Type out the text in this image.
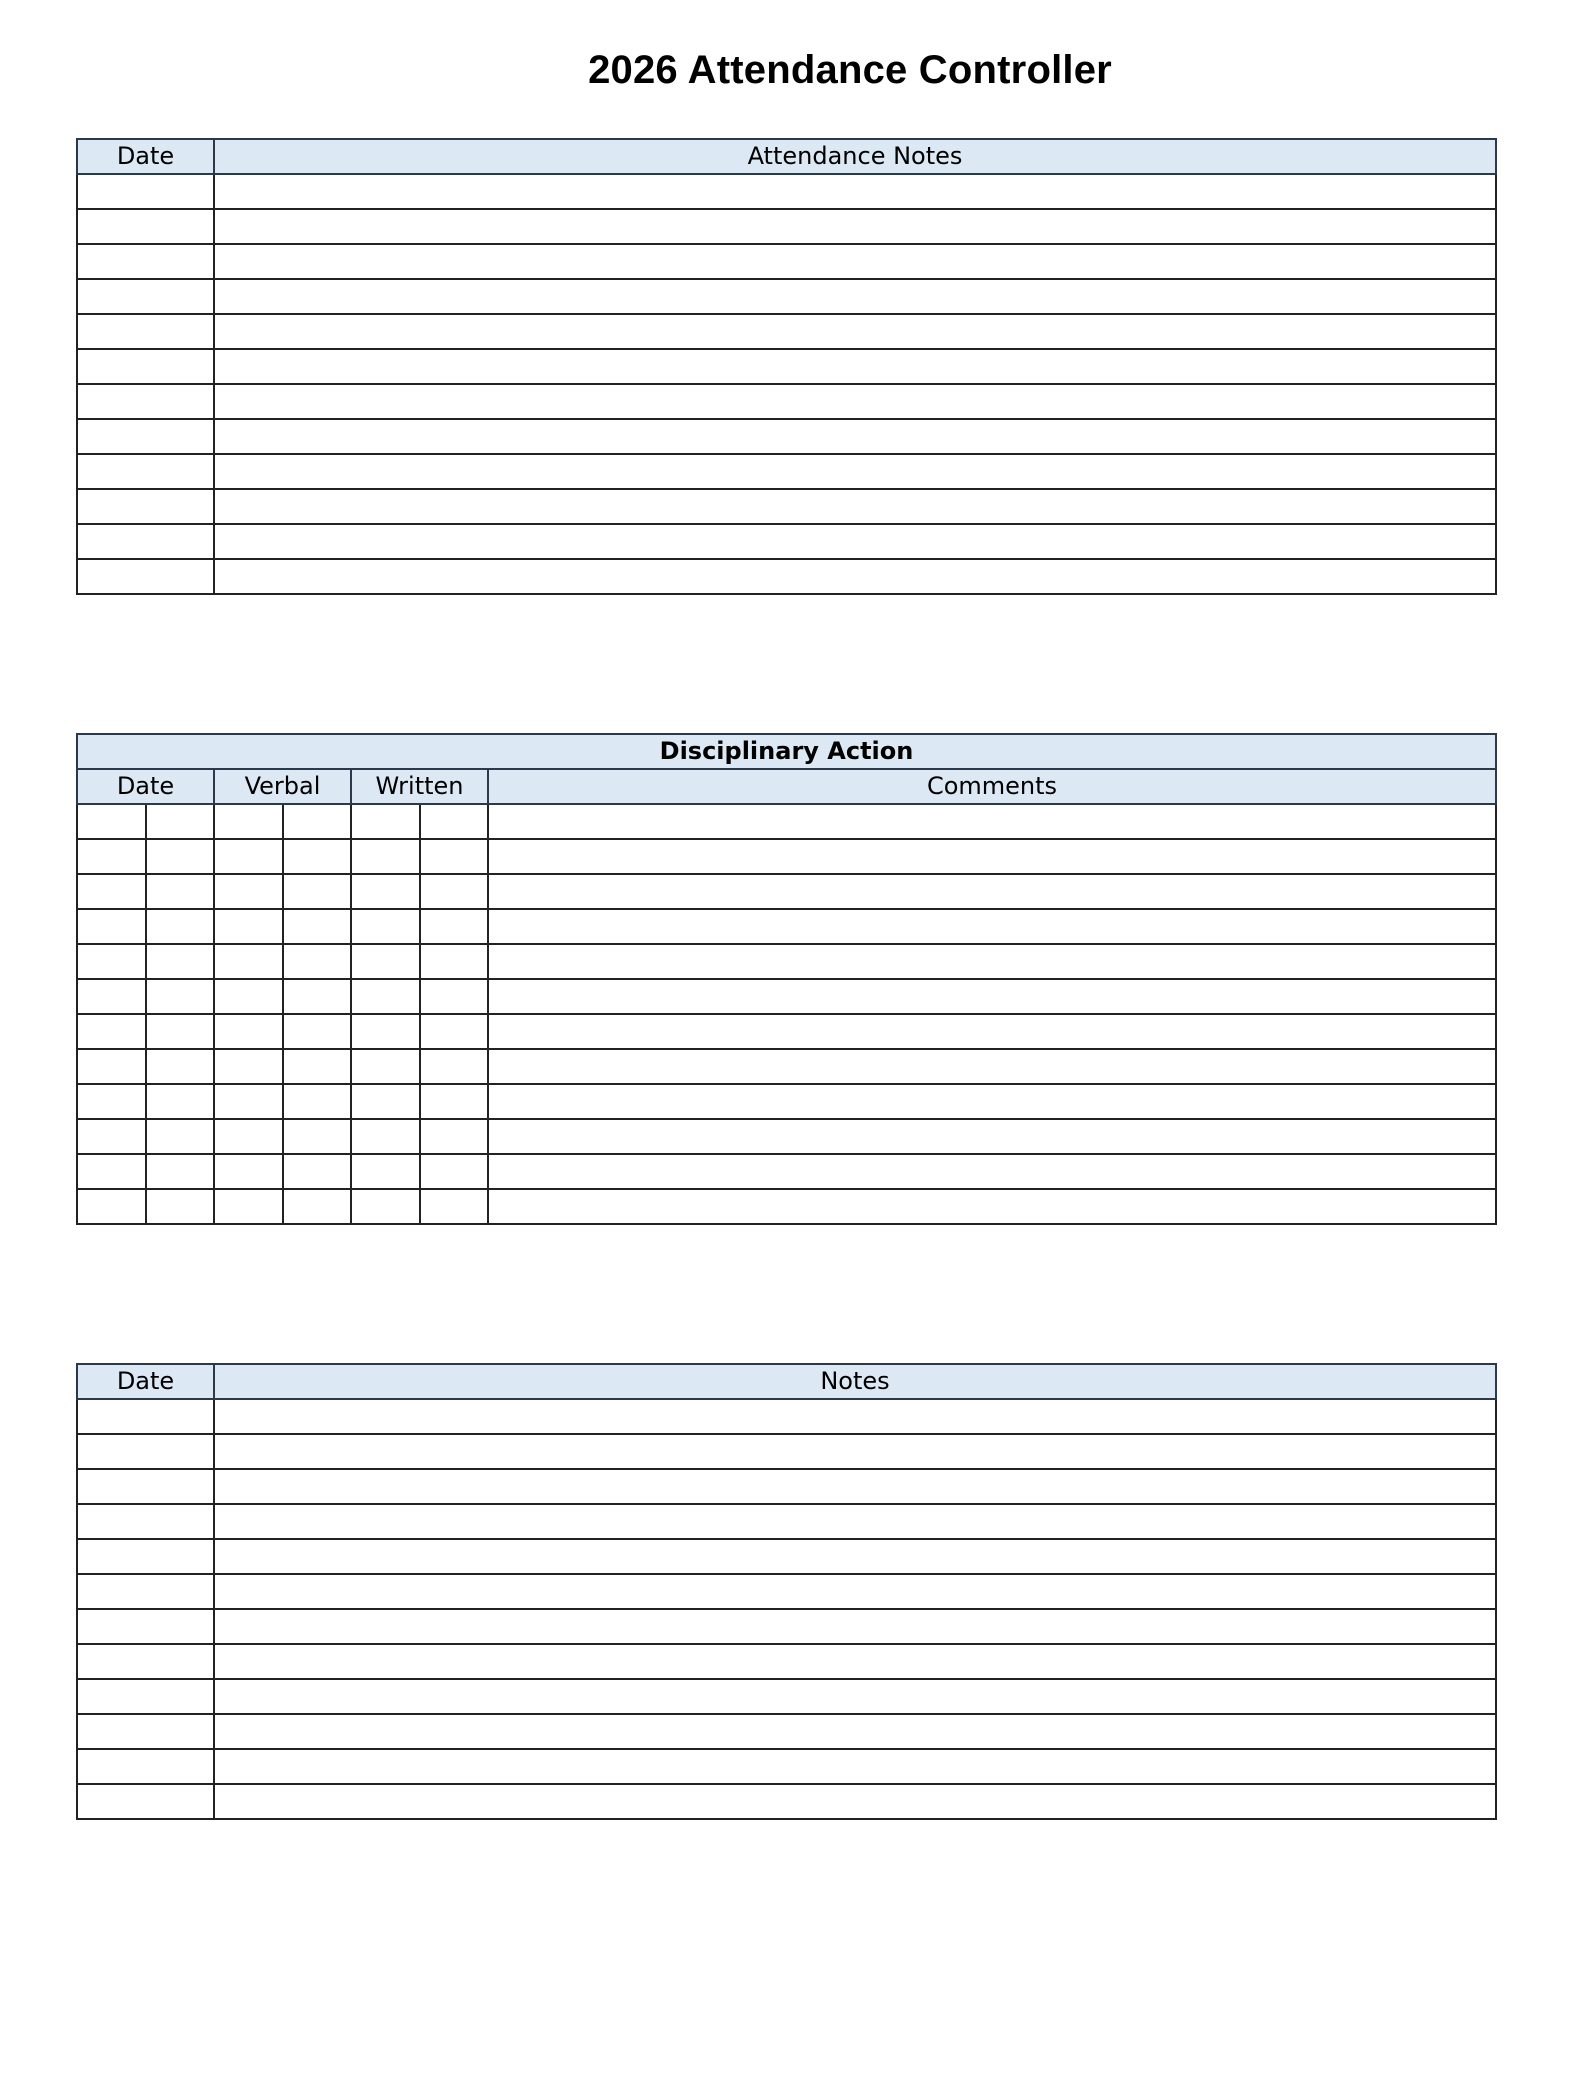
2026 Attendance Controller
Date	Attendance Notes

Disciplinary Action						
Date		Verbal		Written		Comments

Date	Notes
